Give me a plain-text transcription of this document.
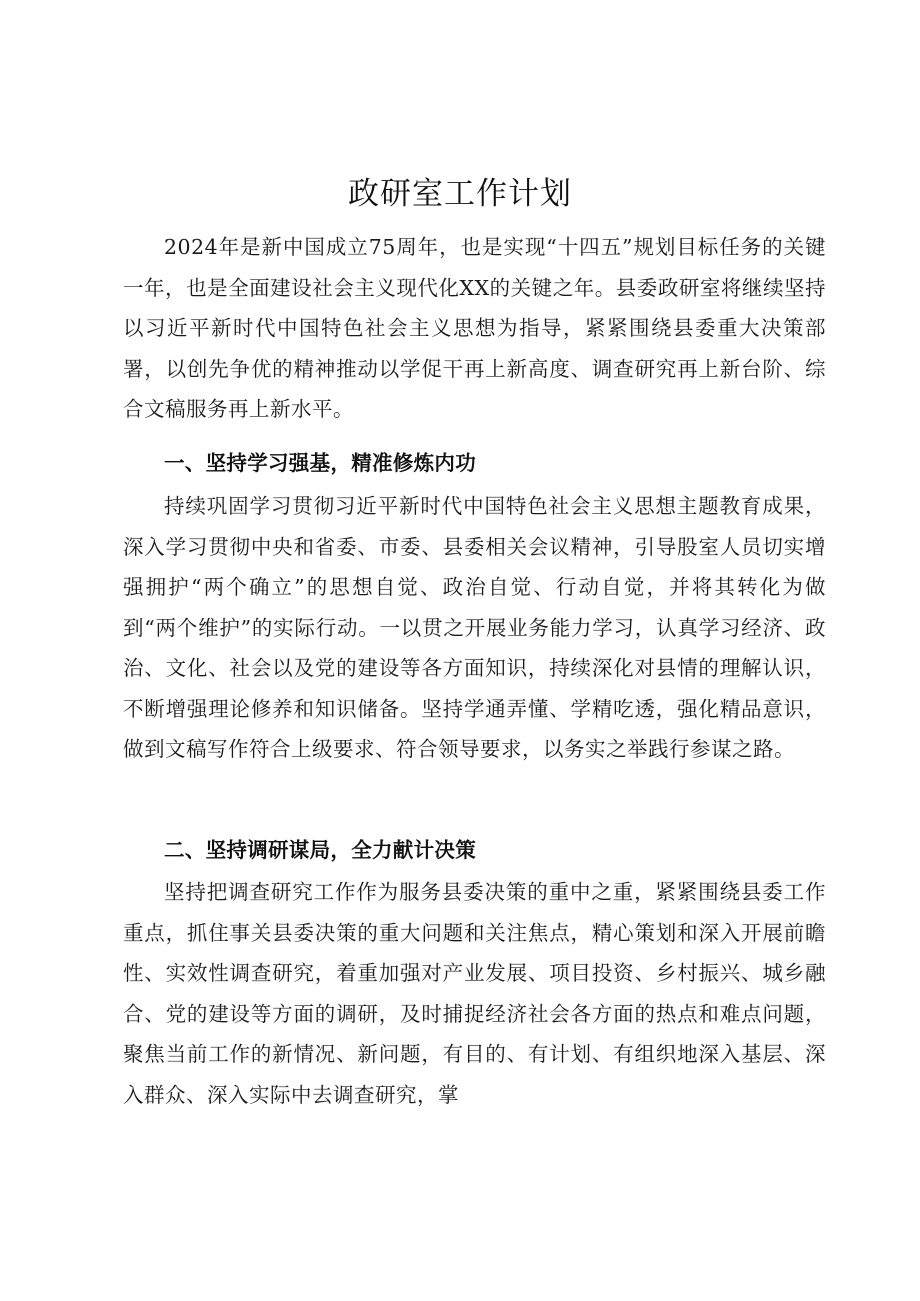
政研室工作计划

2024年是新中国成立75周年，也是实现“十四五”规划目标任务的关键一年，也是全面建设社会主义现代化XX的关键之年。县委政研室将继续坚持以习近平新时代中国特色社会主义思想为指导，紧紧围绕县委重大决策部署，以创先争优的精神推动以学促干再上新高度、调查研究再上新台阶、综合文稿服务再上新水平。

一、坚持学习强基，精准修炼内功

持续巩固学习贯彻习近平新时代中国特色社会主义思想主题教育成果，深入学习贯彻中央和省委、市委、县委相关会议精神，引导股室人员切实增强拥护“两个确立”的思想自觉、政治自觉、行动自觉，并将其转化为做到“两个维护”的实际行动。一以贯之开展业务能力学习，认真学习经济、政治、文化、社会以及党的建设等各方面知识，持续深化对县情的理解认识，不断增强理论修养和知识储备。坚持学通弄懂、学精吃透，强化精品意识，做到文稿写作符合上级要求、符合领导要求，以务实之举践行参谋之路。

二、坚持调研谋局，全力献计决策

坚持把调查研究工作作为服务县委决策的重中之重，紧紧围绕县委工作重点，抓住事关县委决策的重大问题和关注焦点，精心策划和深入开展前瞻性、实效性调查研究，着重加强对产业发展、项目投资、乡村振兴、城乡融合、党的建设等方面的调研，及时捕捉经济社会各方面的热点和难点问题，聚焦当前工作的新情况、新问题，有目的、有计划、有组织地深入基层、深入群众、深入实际中去调查研究，掌
